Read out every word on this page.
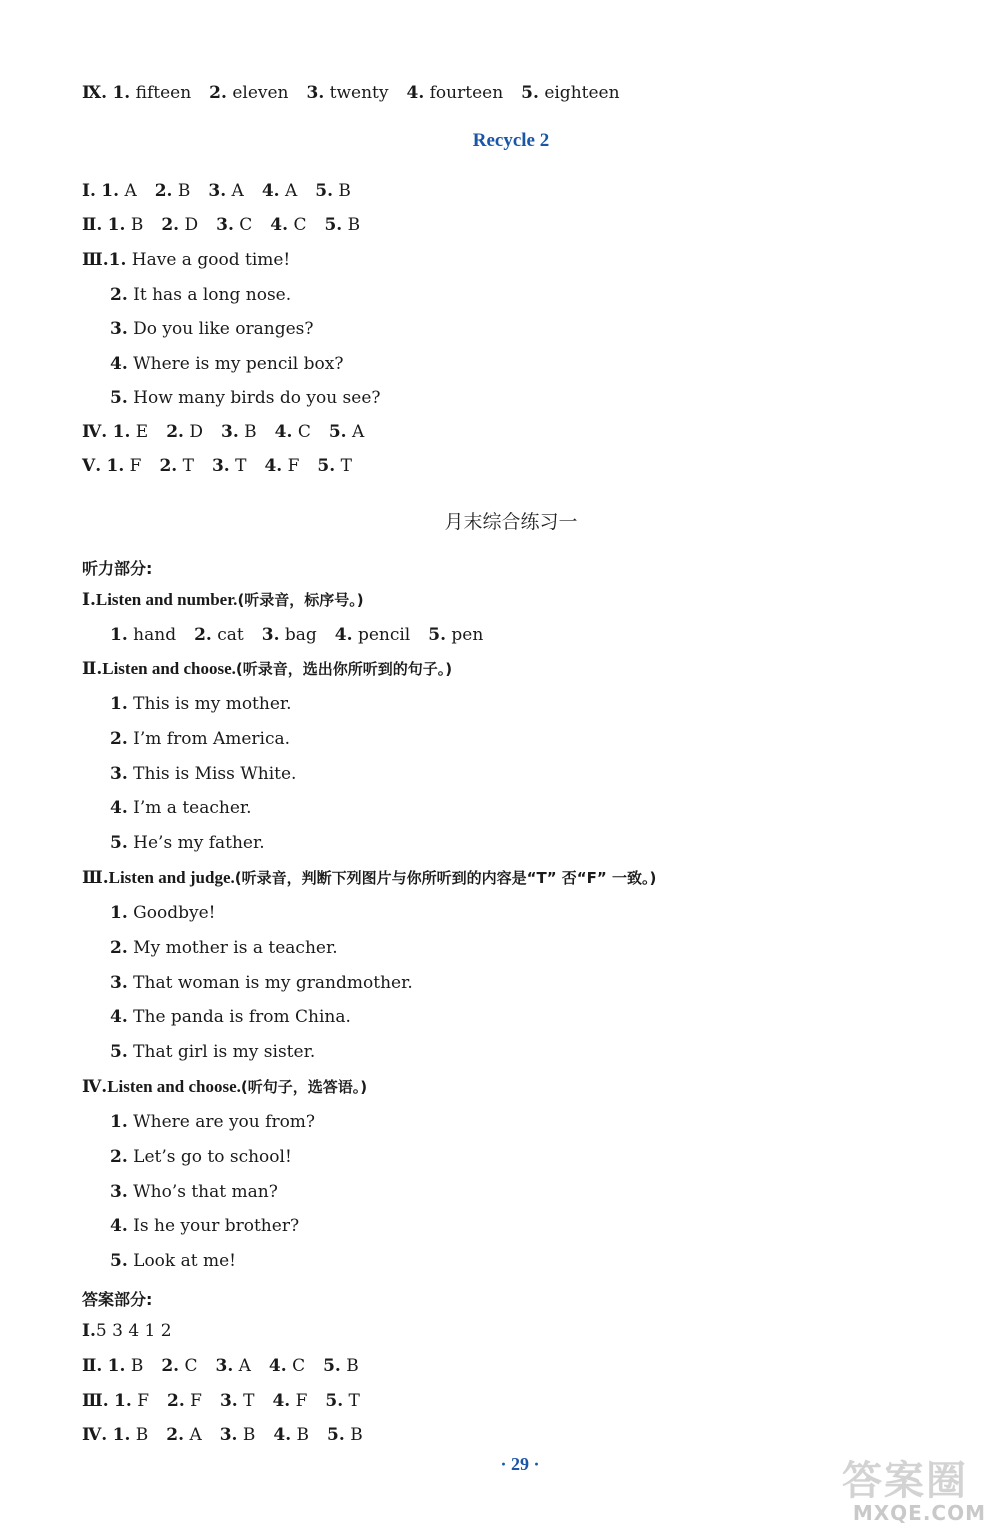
Ⅸ. 1. fifteen 2. eleven 3. twenty 4. fourteen 5. eighteen
Recycle 2
Ⅰ. 1. A 2. B 3. A 4. A 5. B
Ⅱ. 1. B 2. D 3. C 4. C 5. B
Ⅲ.1. Have a good time!
2. It has a long nose.
3. Do you like oranges?
4. Where is my pencil box?
5. How many birds do you see?
Ⅳ. 1. E 2. D 3. B 4. C 5. A
Ⅴ. 1. F 2. T 3. T 4. F 5. T
月末综合练习一
听力部分:
Ⅰ.Listen and number.(听录音，标序号。)
1. hand 2. cat 3. bag 4. pencil 5. pen
Ⅱ.Listen and choose.(听录音，选出你所听到的句子。)
1. This is my mother.
2. I’m from America.
3. This is Miss White.
4. I’m a teacher.
5. He’s my father.
Ⅲ.Listen and judge.(听录音，判断下列图片与你所听到的内容是“T” 否“F” 一致。)
1. Goodbye!
2. My mother is a teacher.
3. That woman is my grandmother.
4. The panda is from China.
5. That girl is my sister.
Ⅳ.Listen and choose.(听句子，选答语。)
1. Where are you from?
2. Let’s go to school!
3. Who’s that man?
4. Is he your brother?
5. Look at me!
答案部分:
Ⅰ.5 3 4 1 2
Ⅱ. 1. B 2. C 3. A 4. C 5. B
Ⅲ. 1. F 2. F 3. T 4. F 5. T
Ⅳ. 1. B 2. A 3. B 4. B 5. B
· 29 ·	答案圈
MXQE.COM
